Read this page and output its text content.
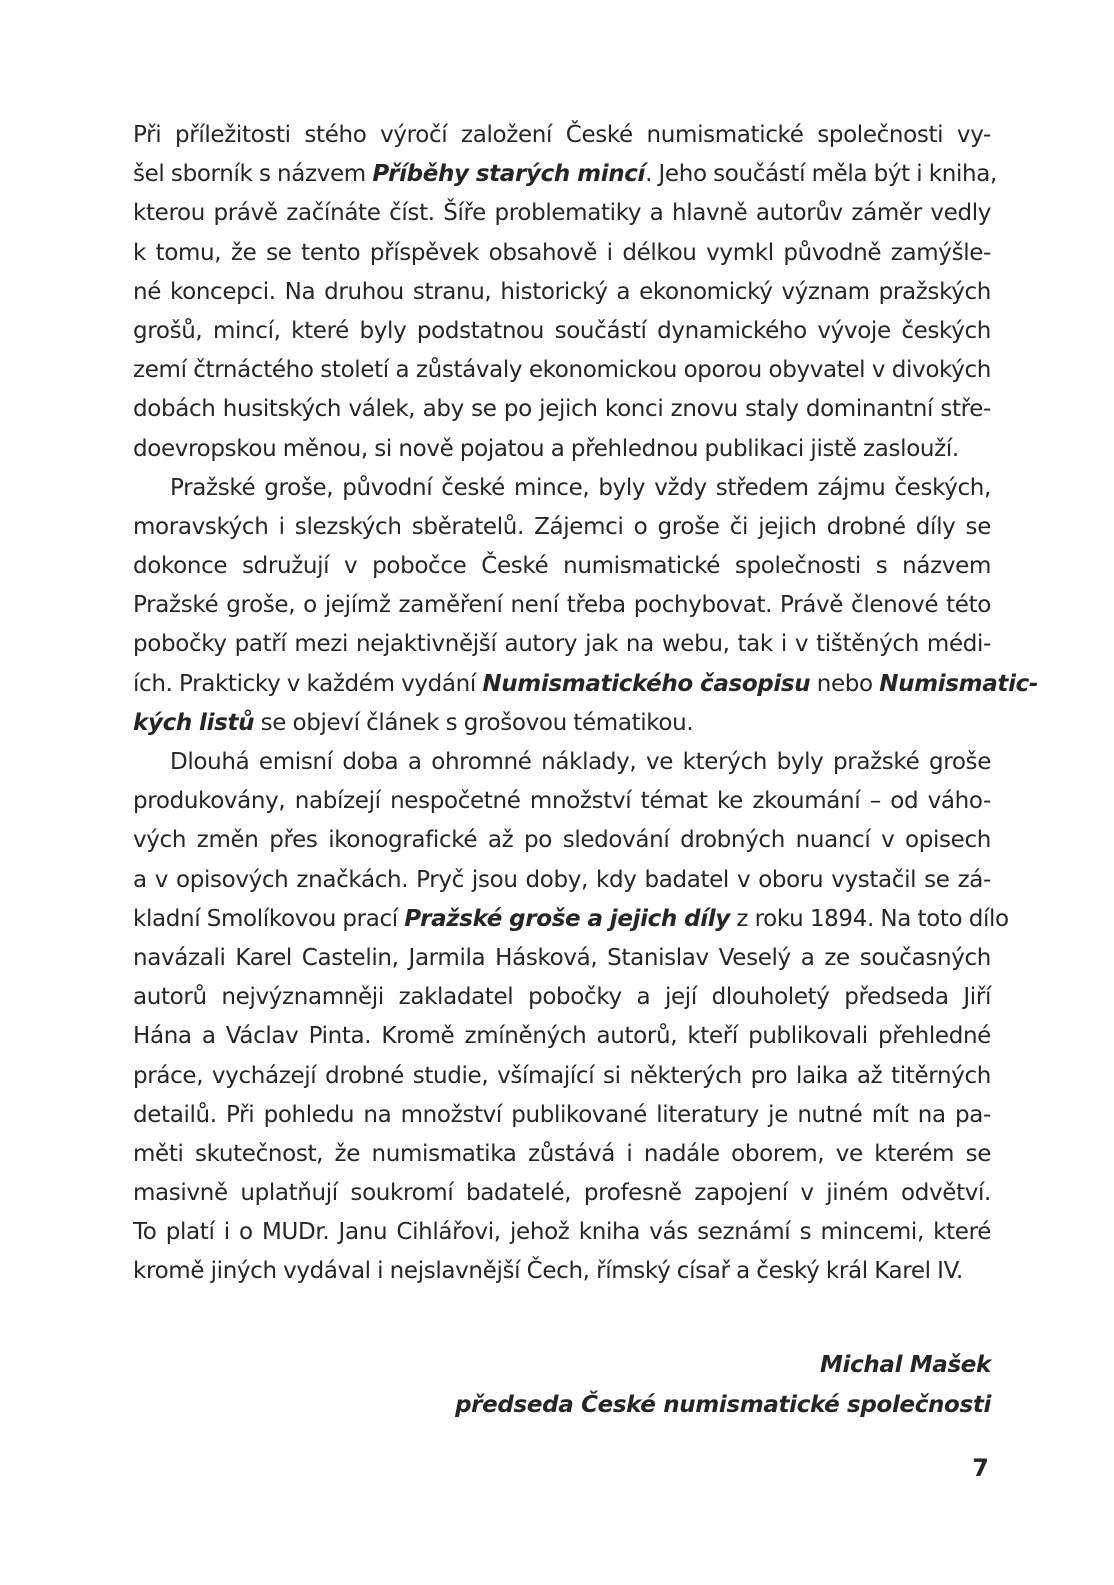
Při příležitosti stého výročí založení České numismatické společnosti vy-
šel sborník s názvem Příběhy starých mincí. Jeho součástí měla být i kniha,
kterou právě začínáte číst. Šíře problematiky a hlavně autorův záměr vedly
k tomu, že se tento příspěvek obsahově i délkou vymkl původně zamýšle-
né koncepci. Na druhou stranu, historický a ekonomický význam pražských
grošů, mincí, které byly podstatnou součástí dynamického vývoje českých
zemí čtrnáctého století a zůstávaly ekonomickou oporou obyvatel v divokých
dobách husitských válek, aby se po jejich konci znovu staly dominantní stře-
doevropskou měnou, si nově pojatou a přehlednou publikaci jistě zaslouží.
Pražské groše, původní české mince, byly vždy středem zájmu českých,
moravských i slezských sběratelů. Zájemci o groše či jejich drobné díly se
dokonce sdružují v pobočce České numismatické společnosti s názvem
Pražské groše, o jejímž zaměření není třeba pochybovat. Právě členové této
pobočky patří mezi nejaktivnější autory jak na webu, tak i v tištěných médi-
ích. Prakticky v každém vydání Numismatického časopisu nebo Numismatic-
kých listů se objeví článek s grošovou tématikou.
Dlouhá emisní doba a ohromné náklady, ve kterých byly pražské groše
produkovány, nabízejí nespočetné množství témat ke zkoumání – od váho-
vých změn přes ikonografické až po sledování drobných nuancí v opisech
a v opisových značkách. Pryč jsou doby, kdy badatel v oboru vystačil se zá-
kladní Smolíkovou prací Pražské groše a jejich díly z roku 1894. Na toto dílo
navázali Karel Castelin, Jarmila Hásková, Stanislav Veselý a ze současných
autorů nejvýznamněji zakladatel pobočky a její dlouholetý předseda Jiří
Hána a Václav Pinta. Kromě zmíněných autorů, kteří publikovali přehledné
práce, vycházejí drobné studie, všímající si některých pro laika až titěrných
detailů. Při pohledu na množství publikované literatury je nutné mít na pa-
měti skutečnost, že numismatika zůstává i nadále oborem, ve kterém se
masivně uplatňují soukromí badatelé, profesně zapojení v jiném odvětví.
To platí i o MUDr. Janu Cihlářovi, jehož kniha vás seznámí s mincemi, které
kromě jiných vydával i nejslavnější Čech, římský císař a český král Karel IV.
Michal Mašek
předseda České numismatické společnosti
7
